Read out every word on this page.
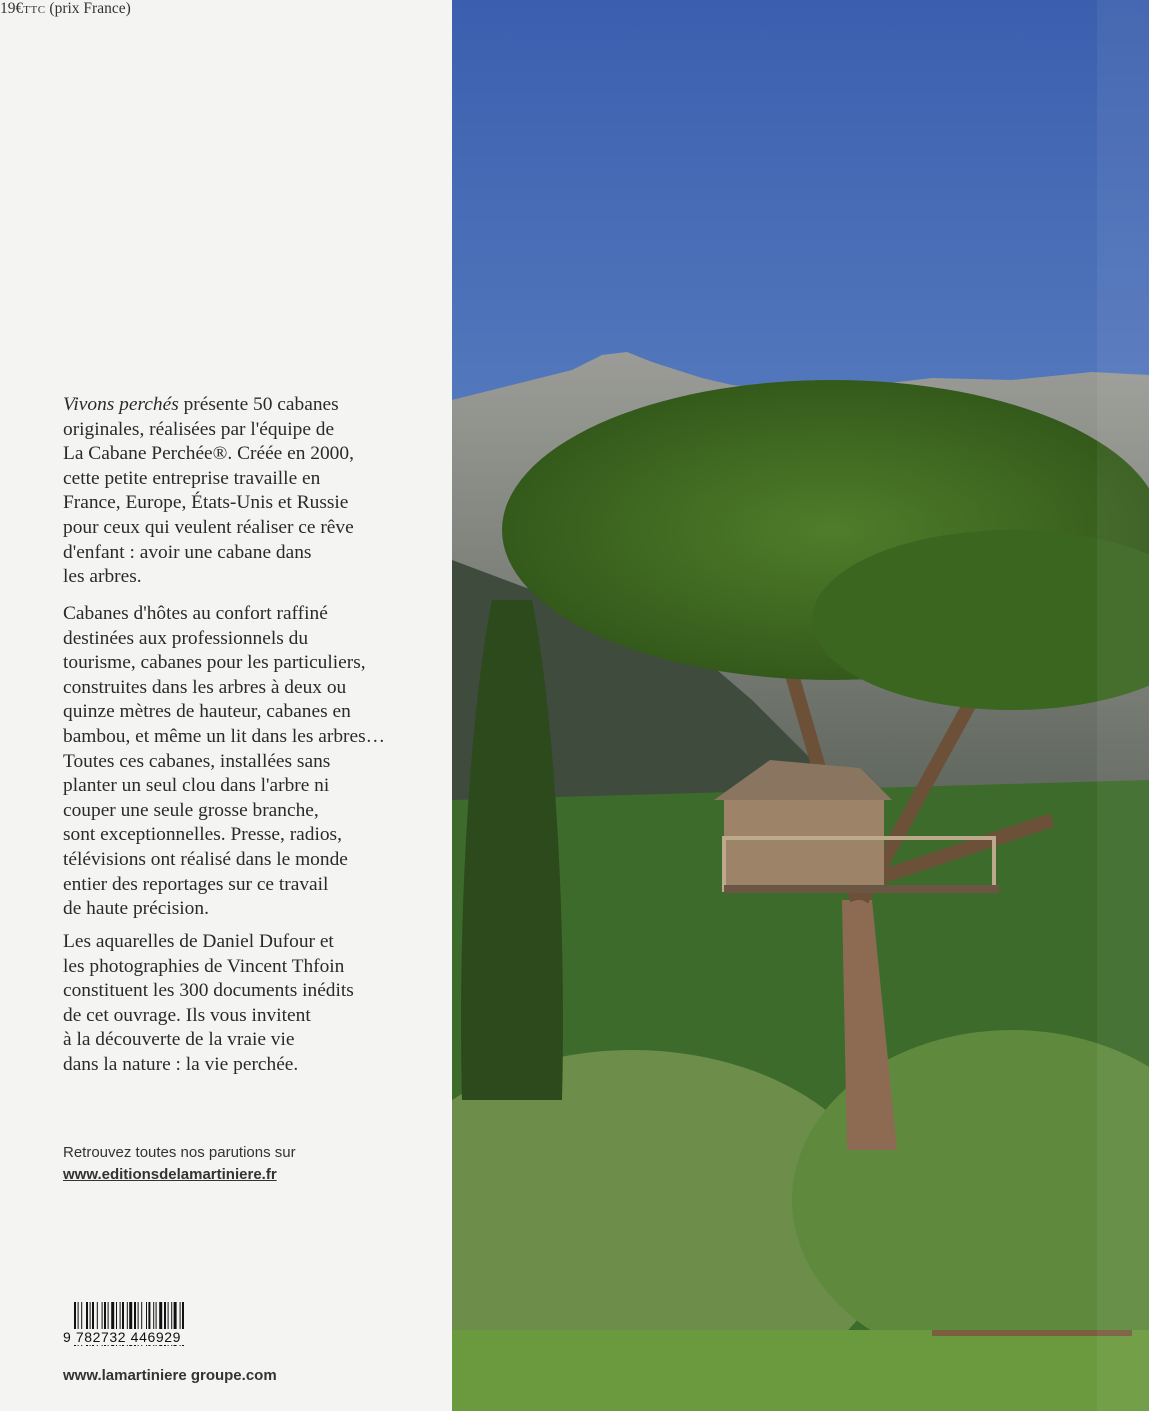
Vivons perchés présente 50 cabanes
originales, réalisées par l'équipe de
La Cabane Perchée®. Créée en 2000,
cette petite entreprise travaille en
France, Europe, États-Unis et Russie
pour ceux qui veulent réaliser ce rêve
d'enfant : avoir une cabane dans
les arbres.
Cabanes d'hôtes au confort raffiné
destinées aux professionnels du
tourisme, cabanes pour les particuliers,
construites dans les arbres à deux ou
quinze mètres de hauteur, cabanes en
bambou, et même un lit dans les arbres…
Toutes ces cabanes, installées sans
planter un seul clou dans l'arbre ni
couper une seule grosse branche,
sont exceptionnelles. Presse, radios,
télévisions ont réalisé dans le monde
entier des reportages sur ce travail
de haute précision.
Les aquarelles de Daniel Dufour et
les photographies de Vincent Thfoin
constituent les 300 documents inédits
de cet ouvrage. Ils vous invitent
à la découverte de la vraie vie
dans la nature : la vie perchée.
Retrouvez toutes nos parutions sur
www.editionsdelamartiniere.fr
19€TTC (prix France)
9 782732 446929
www.lamartiniere groupe.com
